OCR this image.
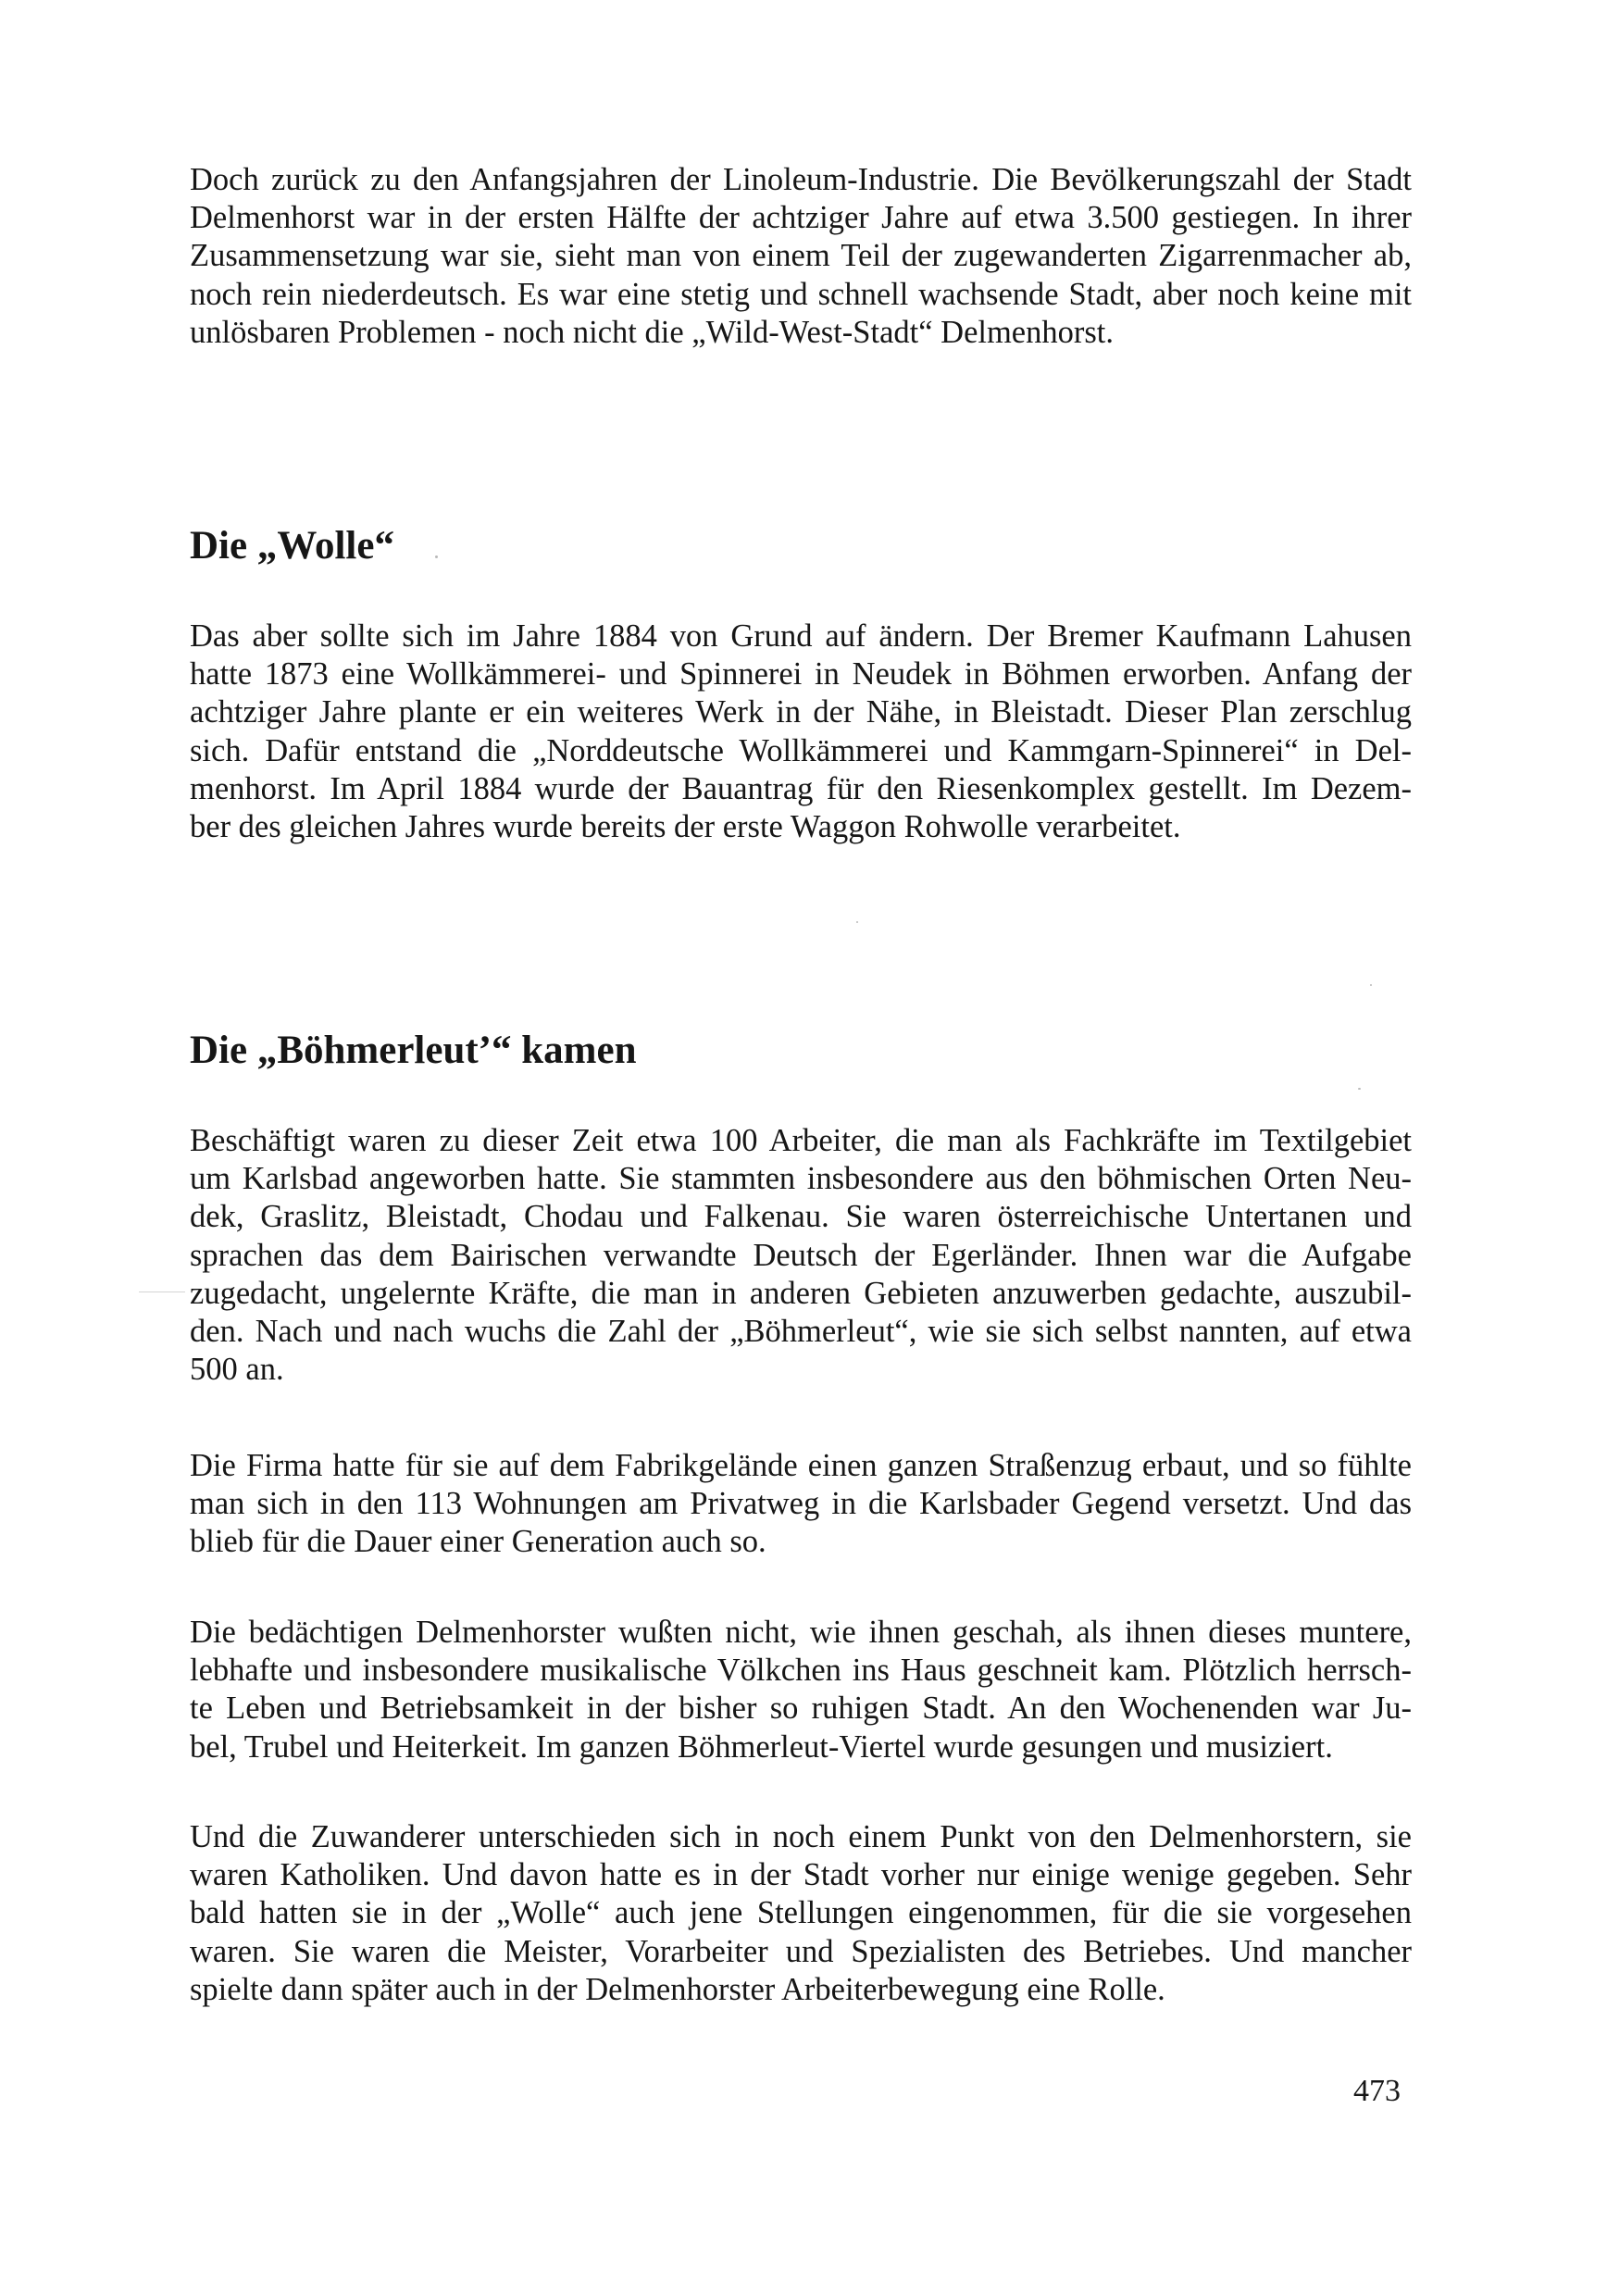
Doch zurück zu den Anfangsjahren der Linoleum-Industrie. Die Bevölkerungszahl der Stadt
Delmenhorst war in der ersten Hälfte der achtziger Jahre auf etwa 3.500 gestiegen. In ihrer
Zusammensetzung war sie, sieht man von einem Teil der zugewanderten Zigarrenmacher ab,
noch rein niederdeutsch. Es war eine stetig und schnell wachsende Stadt, aber noch keine mit
unlösbaren Problemen - noch nicht die „Wild-West-Stadt“ Delmenhorst.

Die „Wolle“

Das aber sollte sich im Jahre 1884 von Grund auf ändern. Der Bremer Kaufmann Lahusen
hatte 1873 eine Wollkämmerei- und Spinnerei in Neudek in Böhmen erworben. Anfang der
achtziger Jahre plante er ein weiteres Werk in der Nähe, in Bleistadt. Dieser Plan zerschlug
sich. Dafür entstand die „Norddeutsche Wollkämmerei und Kammgarn-Spinnerei“ in Del-
menhorst. Im April 1884 wurde der Bauantrag für den Riesenkomplex gestellt. Im Dezem-
ber des gleichen Jahres wurde bereits der erste Waggon Rohwolle verarbeitet.

Die „Böhmerleut’“ kamen

Beschäftigt waren zu dieser Zeit etwa 100 Arbeiter, die man als Fachkräfte im Textilgebiet
um Karlsbad angeworben hatte. Sie stammten insbesondere aus den böhmischen Orten Neu-
dek, Graslitz, Bleistadt, Chodau und Falkenau. Sie waren österreichische Untertanen und
sprachen das dem Bairischen verwandte Deutsch der Egerländer. Ihnen war die Aufgabe
zugedacht, ungelernte Kräfte, die man in anderen Gebieten anzuwerben gedachte, auszubil-
den. Nach und nach wuchs die Zahl der „Böhmerleut“, wie sie sich selbst nannten, auf etwa
500 an.

Die Firma hatte für sie auf dem Fabrikgelände einen ganzen Straßenzug erbaut, und so fühlte
man sich in den 113 Wohnungen am Privatweg in die Karlsbader Gegend versetzt. Und das
blieb für die Dauer einer Generation auch so.

Die bedächtigen Delmenhorster wußten nicht, wie ihnen geschah, als ihnen dieses muntere,
lebhafte und insbesondere musikalische Völkchen ins Haus geschneit kam. Plötzlich herrsch-
te Leben und Betriebsamkeit in der bisher so ruhigen Stadt. An den Wochenenden war Ju-
bel, Trubel und Heiterkeit. Im ganzen Böhmerleut-Viertel wurde gesungen und musiziert.

Und die Zuwanderer unterschieden sich in noch einem Punkt von den Delmenhorstern, sie
waren Katholiken. Und davon hatte es in der Stadt vorher nur einige wenige gegeben. Sehr
bald hatten sie in der „Wolle“ auch jene Stellungen eingenommen, für die sie vorgesehen
waren. Sie waren die Meister, Vorarbeiter und Spezialisten des Betriebes. Und mancher
spielte dann später auch in der Delmenhorster Arbeiterbewegung eine Rolle.

473
